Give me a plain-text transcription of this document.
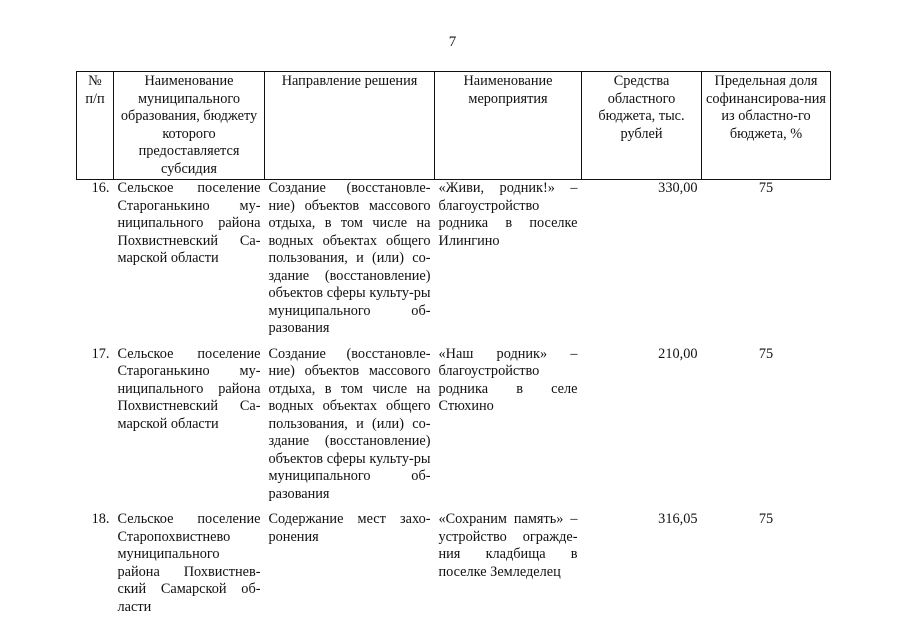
7
№ п/п	Наименование муниципального образования, бюджету которого предоставляется субсидия	Направление решения	Наименование мероприятия	Средства областного бюджета, тыс. рублей	Предельная доля софинансирова-ния из областно-го бюджета, %
16.	Сельское поселение Староганькино му-ниципального района Похвистневский Са-марской области	Создание (восстановле-ние) объектов массового отдыха, в том числе на водных объектах общего пользования, и (или) со-здание (восстановление) объектов сферы культу-ры муниципального об-разования	«Живи, родник!» – благоустройство родника в поселке Илингино	330,00	75
17.	Сельское поселение Староганькино му-ниципального района Похвистневский Са-марской области	Создание (восстановле-ние) объектов массового отдыха, в том числе на водных объектах общего пользования, и (или) со-здание (восстановление) объектов сферы культу-ры муниципального об-разования	«Наш родник» – благоустройство родника в селе Стюхино	210,00	75
18.	Сельское поселение Старопохвистнево муниципального района Похвистнев-ский Самарской об-ласти	Содержание мест захо-ронения	«Сохраним память» – устройство огражде-ния кладбища в поселке Земледелец	316,05	75
